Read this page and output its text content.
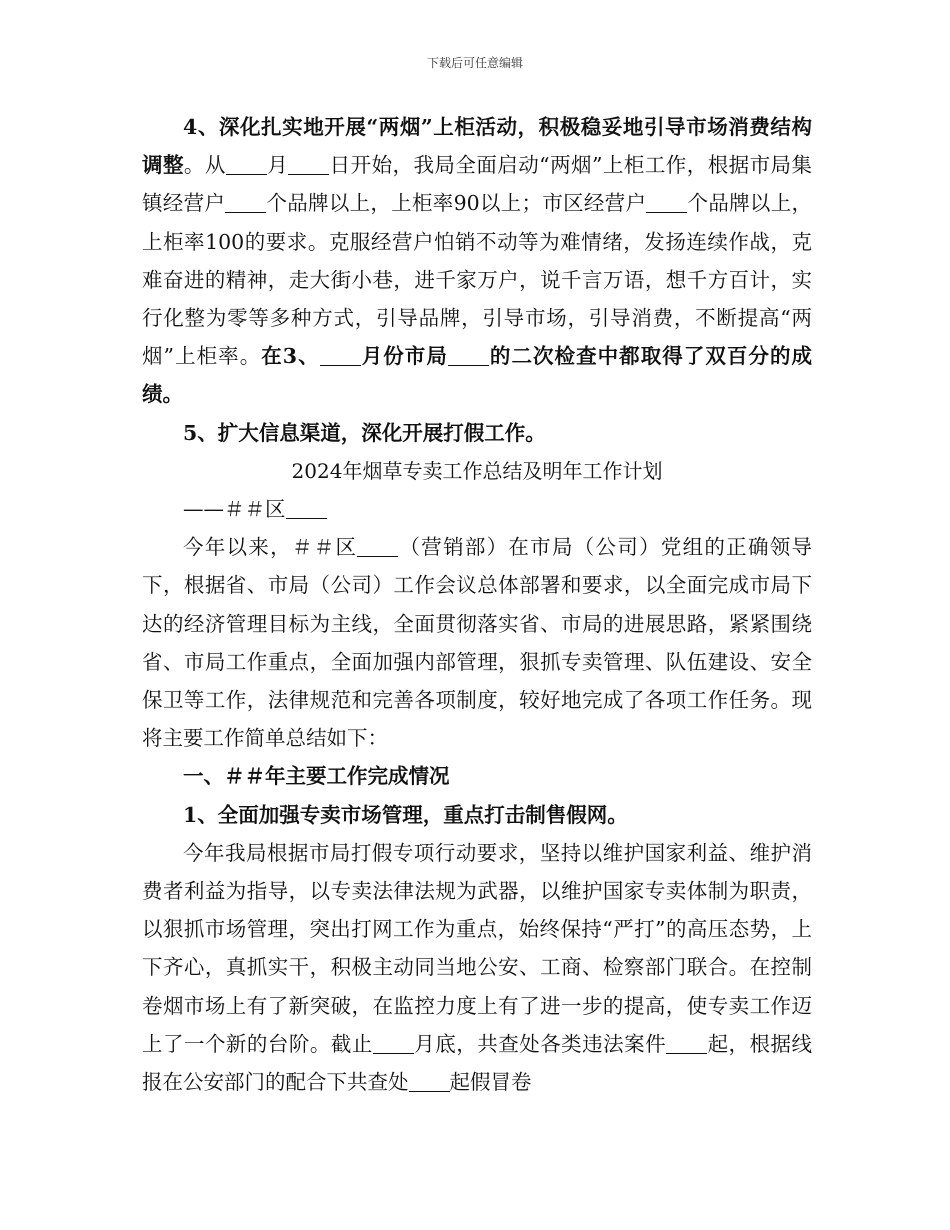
下载后可任意编辑

4、深化扎实地开展“两烟”上柜活动，积极稳妥地引导市场消费结构调整。从 月 日开始，我局全面启动“两烟”上柜工作，根据市局集镇经营户 个品牌以上，上柜率90以上；市区经营户 个品牌以上，上柜率100的要求。克服经营户怕销不动等为难情绪，发扬连续作战，克难奋进的精神，走大街小巷，进千家万户，说千言万语，想千方百计，实行化整为零等多种方式，引导品牌，引导市场，引导消费，不断提高“两烟”上柜率。在3、 月份市局 的二次检查中都取得了双百分的成绩。

5、扩大信息渠道，深化开展打假工作。

2024年烟草专卖工作总结及明年工作计划

——＃＃区

今年以来，＃＃区 （营销部）在市局（公司）党组的正确领导下，根据省、市局（公司）工作会议总体部署和要求，以全面完成市局下达的经济管理目标为主线，全面贯彻落实省、市局的进展思路，紧紧围绕省、市局工作重点，全面加强内部管理，狠抓专卖管理、队伍建设、安全保卫等工作，法律规范和完善各项制度，较好地完成了各项工作任务。现将主要工作简单总结如下：

一、＃＃年主要工作完成情况

1、全面加强专卖市场管理，重点打击制售假网。

今年我局根据市局打假专项行动要求，坚持以维护国家利益、维护消费者利益为指导，以专卖法律法规为武器，以维护国家专卖体制为职责，以狠抓市场管理，突出打网工作为重点，始终保持“严打”的高压态势，上下齐心，真抓实干，积极主动同当地公安、工商、检察部门联合。在控制卷烟市场上有了新突破，在监控力度上有了进一步的提高，使专卖工作迈上了一个新的台阶。截止 月底，共查处各类违法案件 起，根据线报在公安部门的配合下共查处 起假冒卷
